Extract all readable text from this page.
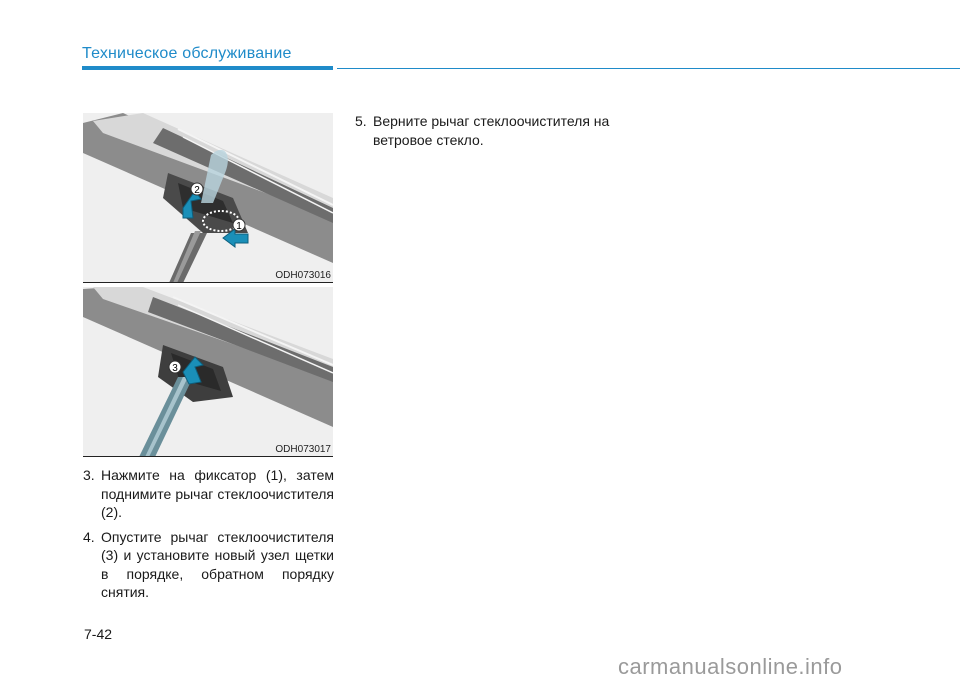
Техническое обслуживание
2
1
ODH073016
3
ODH073017
3. Нажмите на фиксатор (1), затем поднимите рычаг стеклоочистителя (2).
4. Опустите рычаг стеклоочистителя (3) и установите новый узел щетки в порядке, обратном порядку снятия.
5. Верните рычаг стеклоочистителя на ветровое стекло.
7-42
carmanualsonline.info
